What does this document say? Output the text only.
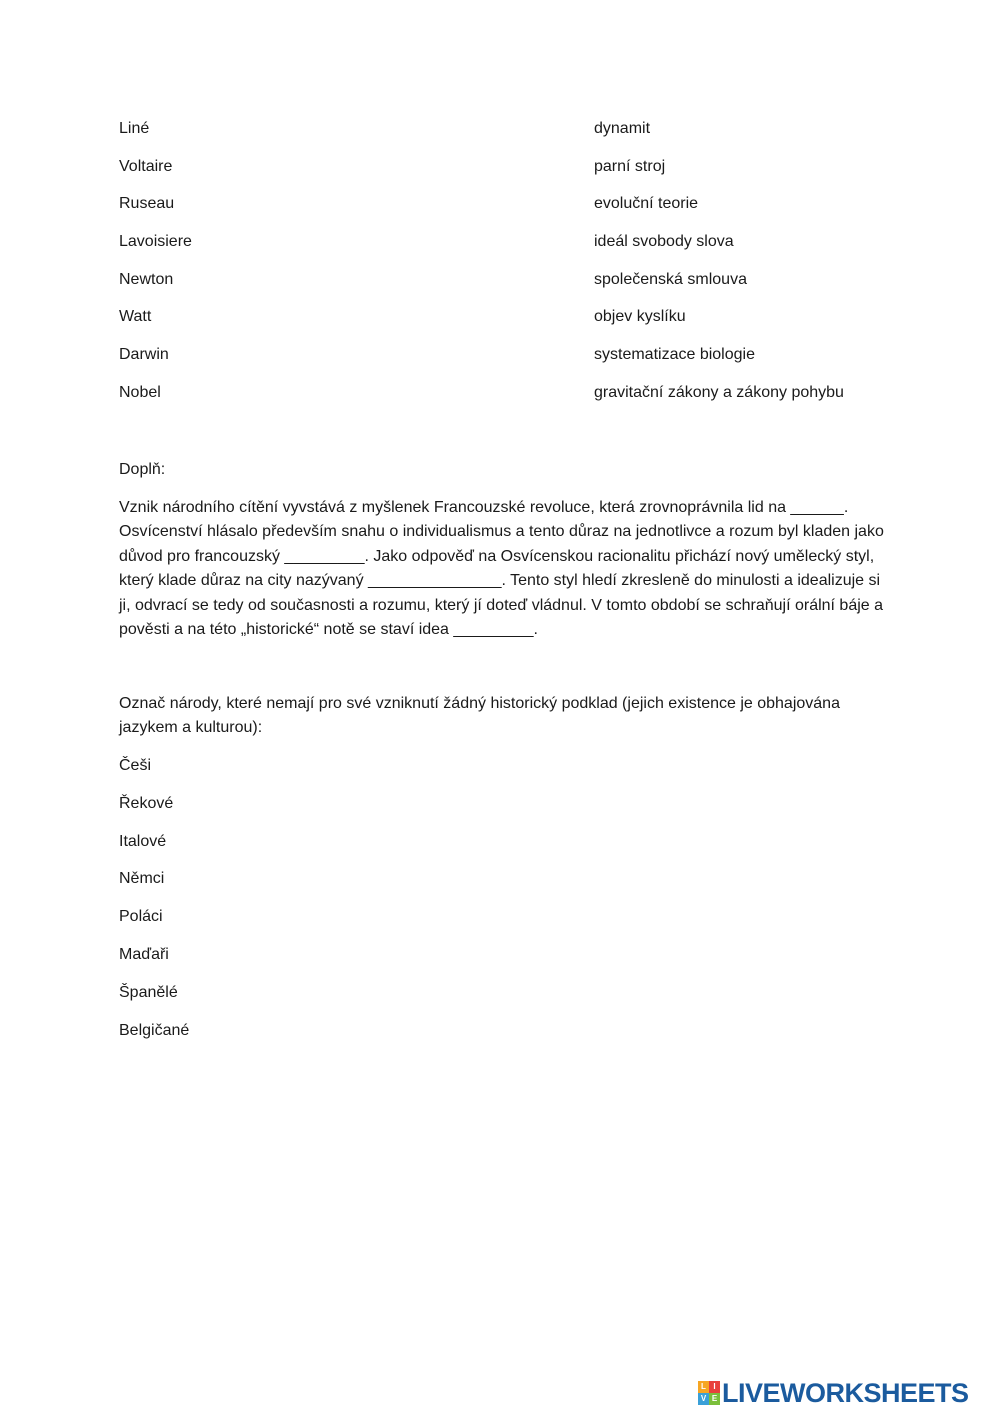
Liné	dynamit
Voltaire	parní stroj
Ruseau	evoluční teorie
Lavoisiere	ideál svobody slova
Newton	společenská smlouva
Watt	objev kyslíku
Darwin	systematizace biologie
Nobel	gravitační zákony a zákony pohybu
Doplň:

Vznik národního cítění vyvstává z myšlenek Francouzské revoluce, která zrovnoprávnila lid na ______. Osvícenství hlásalo především snahu o individualismus a tento důraz na jednotlivce a rozum byl kladen jako důvod pro francouzský _________. Jako odpověď na Osvícenskou racionalitu přichází nový umělecký styl, který klade důraz na city nazývaný _______________. Tento styl hledí zkresleně do minulosti a idealizuje si ji, odvrací se tedy od současnosti a rozumu, který jí doteď vládnul. V tomto období se schraňují orální báje a pověsti a na této „historické“ notě se staví idea _________.

Označ národy, které nemají pro své vzniknutí žádný historický podklad (jejich existence je obhajována jazykem a kulturou):

Češi
Řekové
Italové
Němci
Poláci
Maďaři
Španělé
Belgičané
L I
V E LIVEWORKSHEETS
